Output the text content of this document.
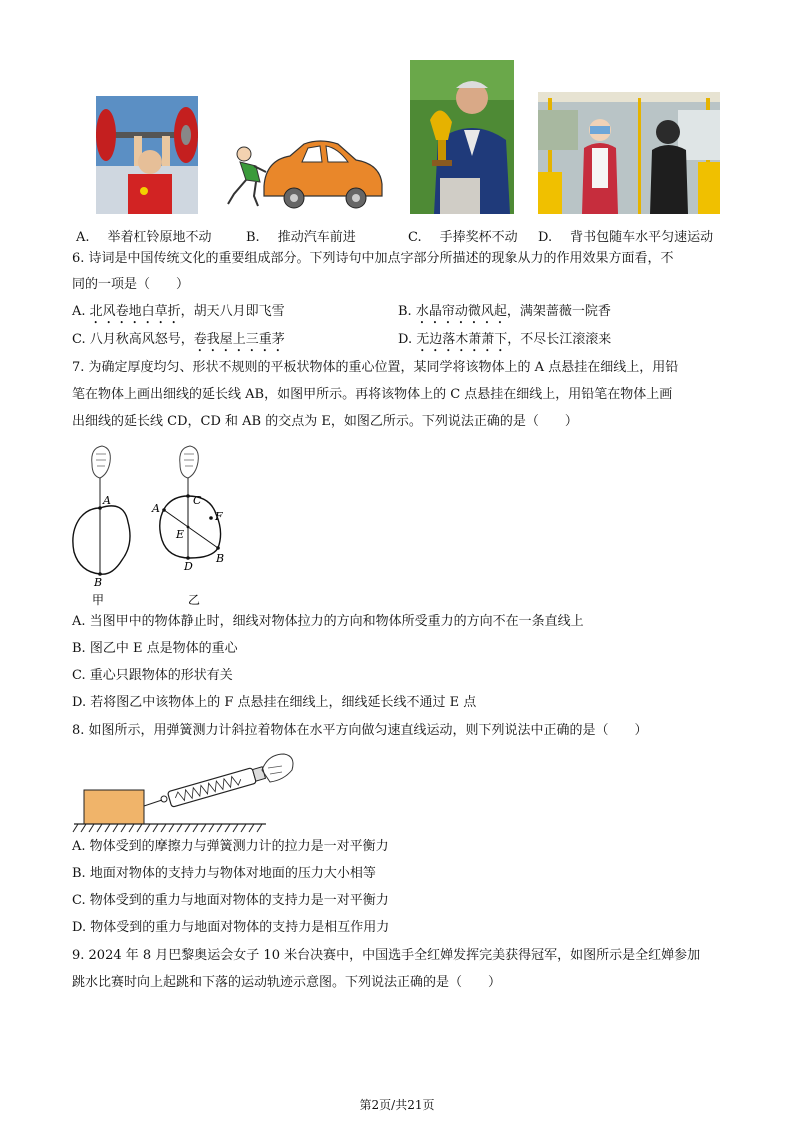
A. 举着杠铃原地不动	B. 推动汽车前进	C. 手捧奖杯不动 D. 背书包随车水平匀速运动
6. 诗词是中国传统文化的重要组成部分。下列诗句中加点字部分所描述的现象从力的作用效果方面看，不
同的一项是（　　）
A. 北风卷地白草折，胡天八月即飞雪	B. 水晶帘动微风起，满架蔷薇一院香
C. 八月秋高风怒号，卷我屋上三重茅	D. 无边落木萧萧下，不尽长江滚滚来
7. 为确定厚度均匀、形状不规则的平板状物体的重心位置，某同学将该物体上的 A 点悬挂在细线上，用铅
笔在物体上画出细线的延长线 AB，如图甲所示。再将该物体上的 C 点悬挂在细线上，用铅笔在物体上画
出细线的延长线 CD，CD 和 AB 的交点为 E，如图乙所示。下列说法正确的是（　　）
A
B
C
A
F
E
B
D
甲	乙
A. 当图甲中的物体静止时，细线对物体拉力的方向和物体所受重力的方向不在一条直线上
B. 图乙中 E 点是物体的重心
C. 重心只跟物体的形状有关
D. 若将图乙中该物体上的 F 点悬挂在细线上，细线延长线不通过 E 点
8. 如图所示，用弹簧测力计斜拉着物体在水平方向做匀速直线运动，则下列说法中正确的是（　　）
A. 物体受到的摩擦力与弹簧测力计的拉力是一对平衡力
B. 地面对物体的支持力与物体对地面的压力大小相等
C. 物体受到的重力与地面对物体的支持力是一对平衡力
D. 物体受到的重力与地面对物体的支持力是相互作用力
9. 2024 年 8 月巴黎奥运会女子 10 米台决赛中，中国选手全红婵发挥完美获得冠军，如图所示是全红婵参加
跳水比赛时向上起跳和下落的运动轨迹示意图。下列说法正确的是（　　）
第2页/共21页
